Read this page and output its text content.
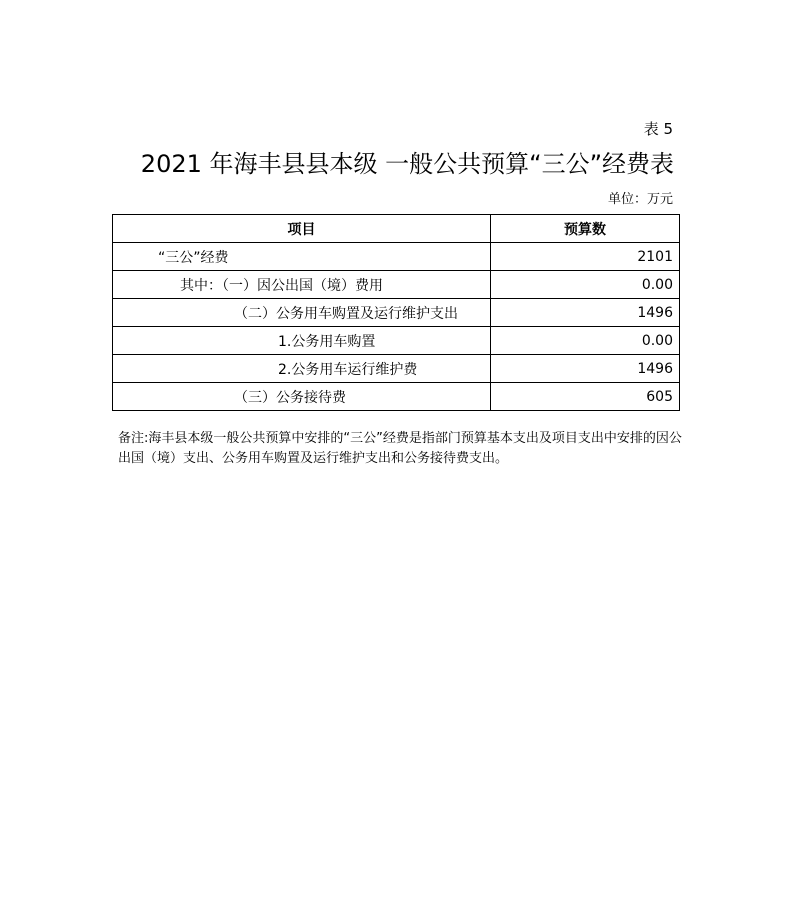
表 5
2021 年海丰县县本级 一般公共预算“三公”经费表
单位：万元
项目	预算数
“三公”经费	2101
其中：（一）因公出国（境）费用	0.00
（二）公务用车购置及运行维护支出	1496
1.公务用车购置	0.00
2.公务用车运行维护费	1496
（三）公务接待费	605
备注:海丰县本级一般公共预算中安排的“三公”经费是指部门预算基本支出及项目支出中安排的因公出国（境）支出、公务用车购置及运行维护支出和公务接待费支出。
